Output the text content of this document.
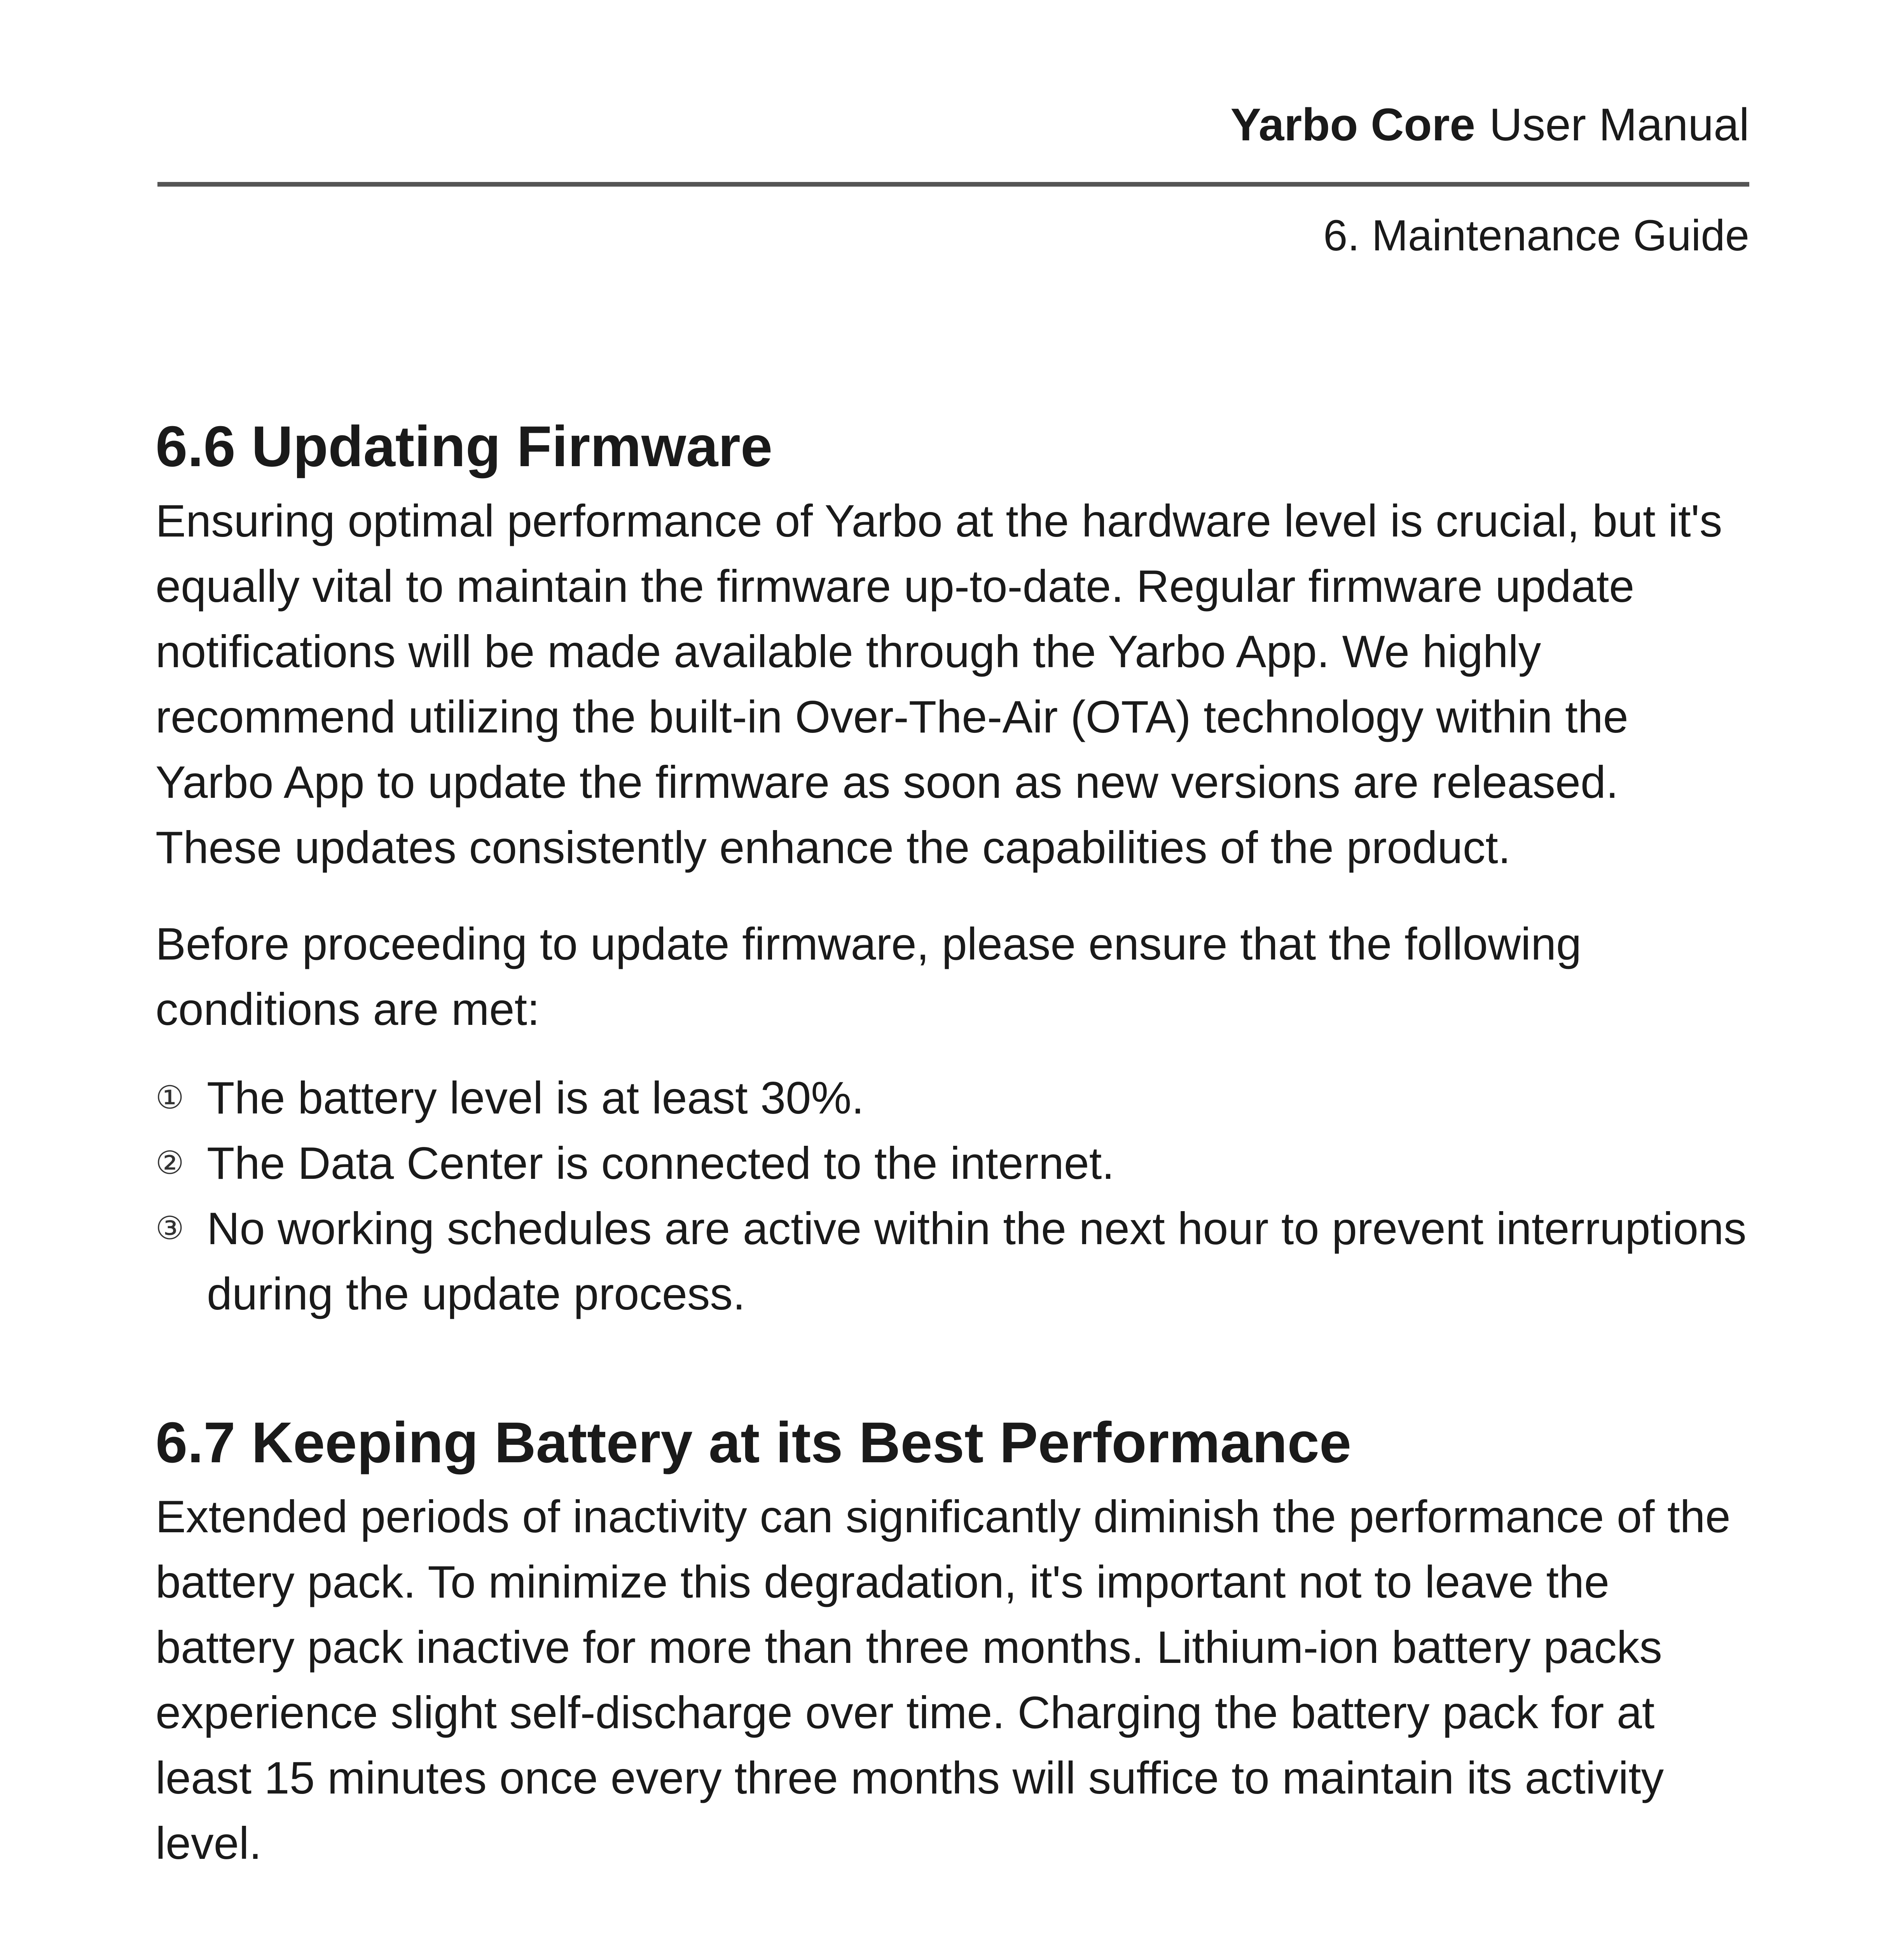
Yarbo Core User Manual
6. Maintenance Guide
6.6 Updating Firmware

Ensuring optimal performance of Yarbo at the hardware level is crucial, but it's equally vital to maintain the firmware up-to-date. Regular firmware update notifications will be made available through the Yarbo App. We highly recommend utilizing the built-in Over-The-Air (OTA) technology within the Yarbo App to update the firmware as soon as new versions are released. These updates consistently enhance the capabilities of the product.

Before proceeding to update firmware, please ensure that the following conditions are met:

① The battery level is at least 30%.
② The Data Center is connected to the internet.
③ No working schedules are active within the next hour to prevent interruptions during the update process.
6.7 Keeping Battery at its Best Performance

Extended periods of inactivity can significantly diminish the performance of the battery pack. To minimize this degradation, it's important not to leave the battery pack inactive for more than three months. Lithium-ion battery packs experience slight self-discharge over time. Charging the battery pack for at least 15 minutes once every three months will suffice to maintain its activity level.
